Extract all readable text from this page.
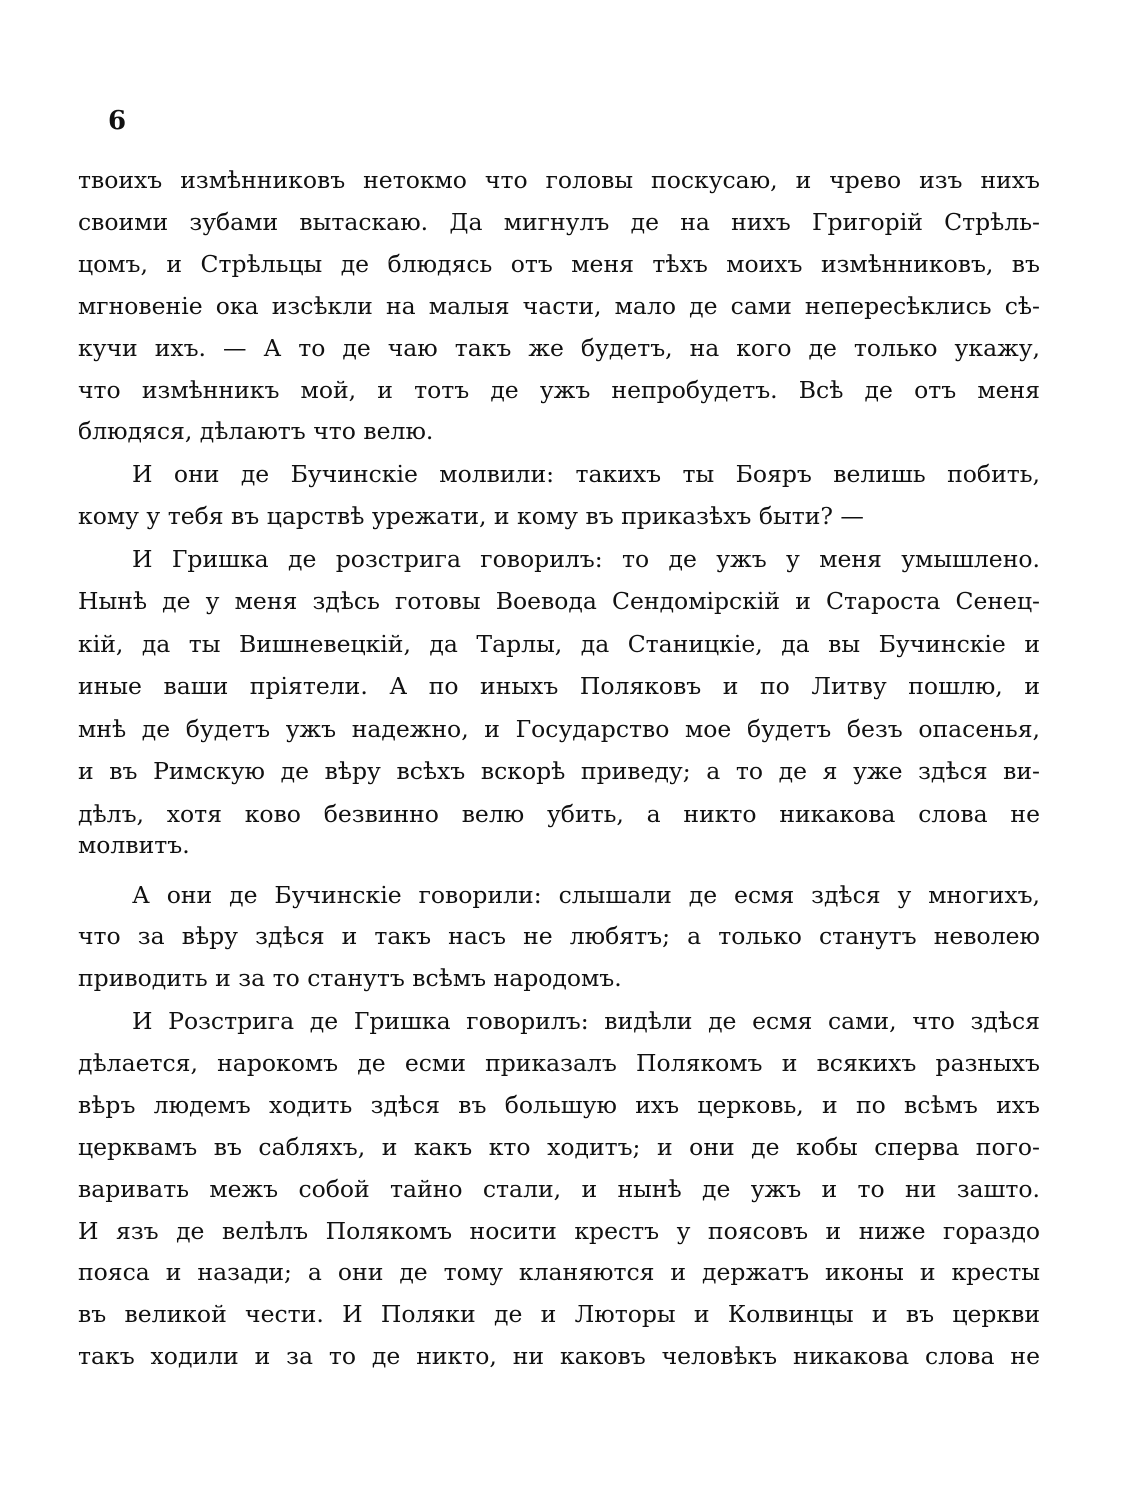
6
твоихъ измѣнниковъ нетокмо что головы поскусаю, и чрево изъ нихъ
своими зубами вытаскаю. Да мигнулъ де на нихъ Григорій Стрѣль-
цомъ, и Стрѣльцы де блюдясь отъ меня тѣхъ моихъ измѣнниковъ, въ
мгновеніе ока изсѣкли на малыя части, мало де сами непересѣклись сѣ-
кучи ихъ. — А то де чаю такъ же будетъ, на кого де только укажу,
что измѣнникъ мой, и тотъ де ужъ непробудетъ. Всѣ де отъ меня
блюдяся, дѣлаютъ что велю.
И они де Бучинскіе молвили: такихъ ты Бояръ велишь побить,
кому у тебя въ царствѣ урежати, и кому въ приказѣхъ быти? —
И Гришка де розстрига говорилъ: то де ужъ у меня умышлено.
Нынѣ де у меня здѣсь готовы Воевода Сендомірскій и Староста Сенец-
кій, да ты Вишневецкій, да Тарлы, да Станицкіе, да вы Бучинскіе и
иные ваши пріятели. А по иныхъ Поляковъ и по Литву пошлю, и
мнѣ де будетъ ужъ надежно, и Государство мое будетъ безъ опасенья,
и въ Римскую де вѣру всѣхъ вскорѣ приведу; а то де я уже здѣся ви-
дѣлъ, хотя ково безвинно велю убить, а никто никакова слова не
молвитъ.
А они де Бучинскіе говорили: слышали де есмя здѣся у многихъ,
что за вѣру здѣся и такъ насъ не любятъ; а только станутъ неволею
приводить и за то станутъ всѣмъ народомъ.
И Розстрига де Гришка говорилъ: видѣли де есмя сами, что здѣся
дѣлается, нарокомъ де есми приказалъ Полякомъ и всякихъ разныхъ
вѣръ людемъ ходить здѣся въ большую ихъ церковь, и по всѣмъ ихъ
церквамъ въ сабляхъ, и какъ кто ходитъ; и они де кобы сперва пого-
варивать межъ собой тайно стали, и нынѣ де ужъ и то ни зашто.
И язъ де велѣлъ Полякомъ носити крестъ у поясовъ и ниже гораздо
пояса и назади; а они де тому кланяются и держатъ иконы и кресты
въ великой чести. И Поляки де и Люторы и Колвинцы и въ церкви
такъ ходили и за то де никто, ни каковъ человѣкъ никакова слова не
